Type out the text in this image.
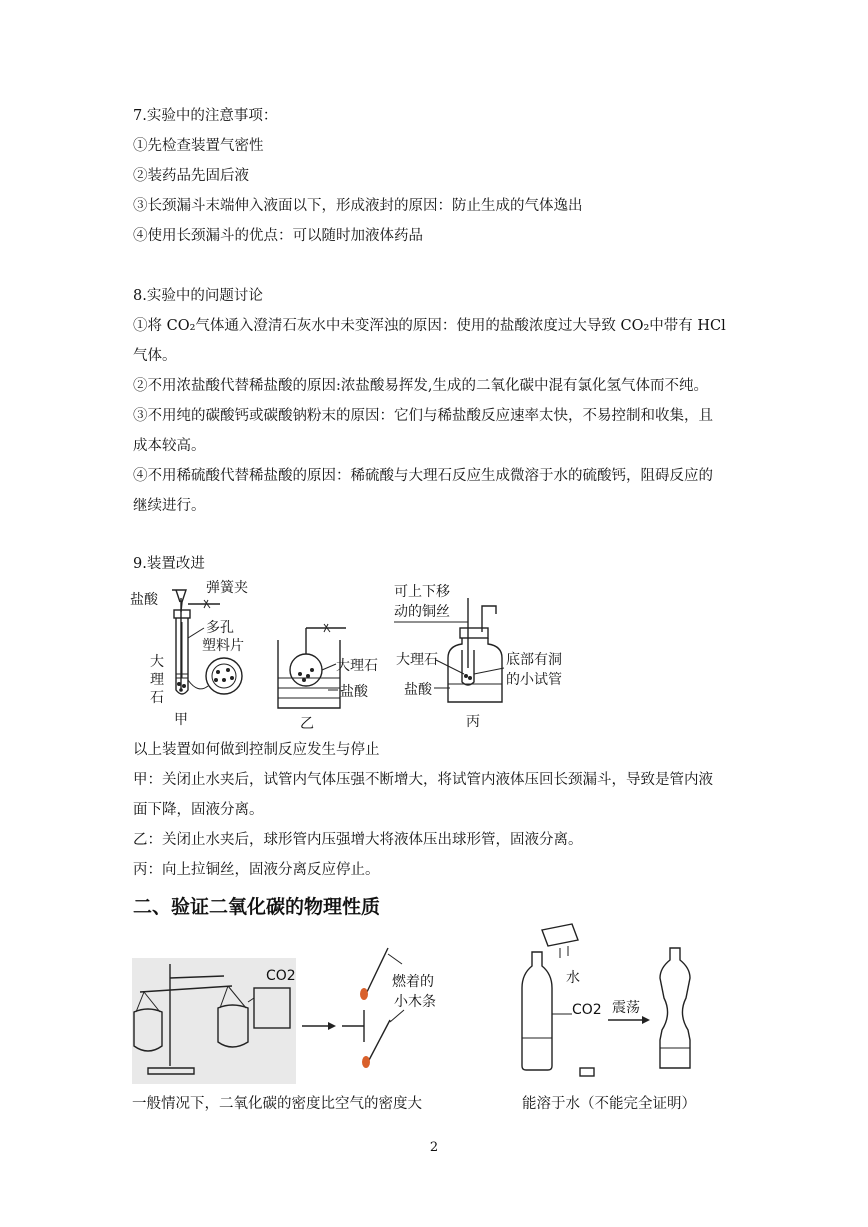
7.实验中的注意事项：
①先检查装置气密性
②装药品先固后液
③长颈漏斗末端伸入液面以下，形成液封的原因：防止生成的气体逸出
④使用长颈漏斗的优点：可以随时加液体药品
8.实验中的问题讨论
①将 CO₂气体通入澄清石灰水中未变浑浊的原因：使用的盐酸浓度过大导致 CO₂中带有 HCl
气体。
②不用浓盐酸代替稀盐酸的原因:浓盐酸易挥发,生成的二氧化碳中混有氯化氢气体而不纯。
③不用纯的碳酸钙或碳酸钠粉末的原因：它们与稀盐酸反应速率太快，不易控制和收集，且
成本较高。
④不用稀硫酸代替稀盐酸的原因：稀硫酸与大理石反应生成微溶于水的硫酸钙，阻碍反应的
继续进行。
9.装置改进
盐酸
弹簧夹
多孔
塑料片
大
理
石
甲
大理石
盐酸
乙
可上下移
动的铜丝
大理石
盐酸
底部有洞
的小试管
丙
以上装置如何做到控制反应发生与停止
甲：关闭止水夹后，试管内气体压强不断增大，将试管内液体压回长颈漏斗，导致是管内液
面下降，固液分离。
乙：关闭止水夹后，球形管内压强增大将液体压出球形管，固液分离。
丙：向上拉铜丝，固液分离反应停止。
二、验证二氧化碳的物理性质
CO2	燃着的
小木条
水
CO2 震荡
一般情况下，二氧化碳的密度比空气的密度大	能溶于水（不能完全证明）
2
